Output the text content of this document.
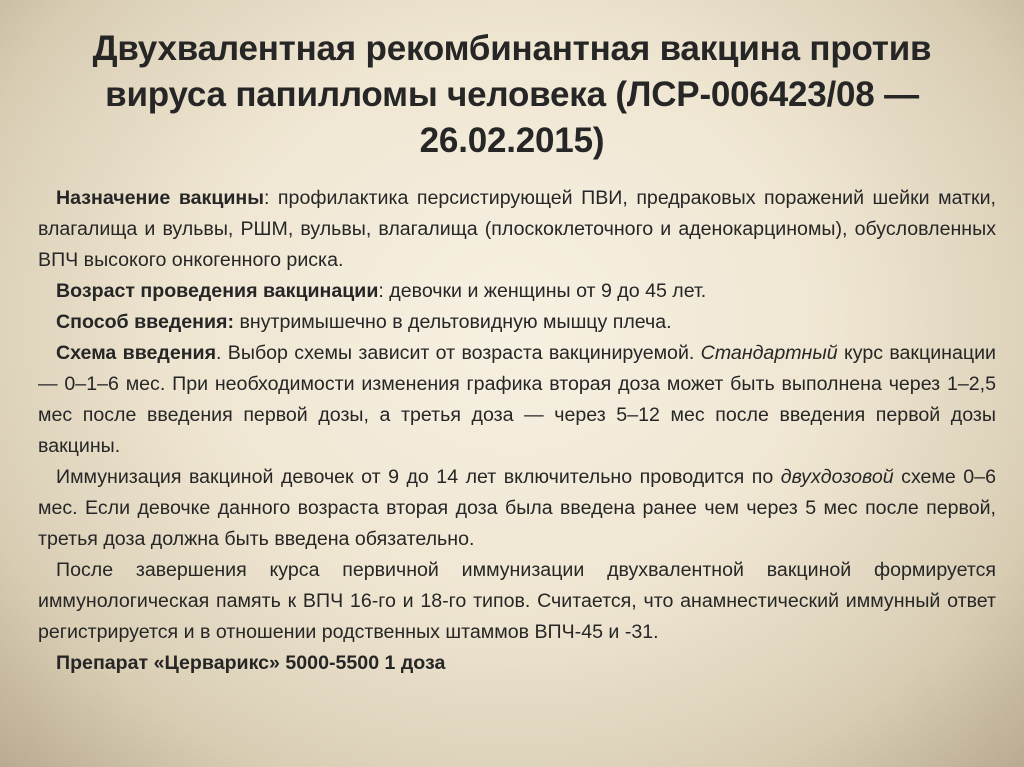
Двухвалентная рекомбинантная вакцина против вируса папилломы человека (ЛСР-006423/08 — 26.02.2015)

Назначение вакцины: профилактика персистирующей ПВИ, предраковых поражений шейки матки, влагалища и вульвы, РШМ, вульвы, влагалища (плоскоклеточного и аденокарциномы), обусловленных ВПЧ высокого онкогенного риска.

Возраст проведения вакцинации: девочки и женщины от 9 до 45 лет.

Способ введения: внутримышечно в дельтовидную мышцу плеча.

Схема введения. Выбор схемы зависит от возраста вакцинируемой. Стандартный курс вакцинации — 0–1–6 мес. При необходимости изменения графика вторая доза может быть выполнена через 1–2,5 мес после введения первой дозы, а третья доза — через 5–12 мес после введения первой дозы вакцины.

Иммунизация вакциной девочек от 9 до 14 лет включительно проводится по двухдозовой схеме 0–6 мес. Если девочке данного возраста вторая доза была введена ранее чем через 5 мес после первой, третья доза должна быть введена обязательно.

После завершения курса первичной иммунизации двухвалентной вакциной формируется иммунологическая память к ВПЧ 16-го и 18-го типов. Считается, что анамнестический иммунный ответ регистрируется и в отношении родственных штаммов ВПЧ-45 и -31.

Препарат «Церварикс» 5000-5500 1 доза
